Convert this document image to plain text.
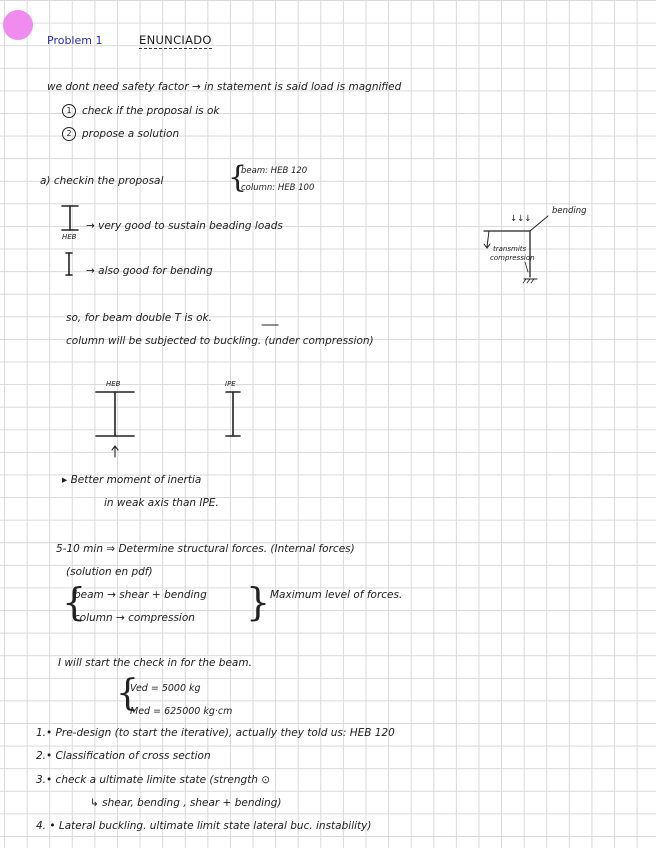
Problem 1	ENUNCIADO
we dont need safety factor → in statement is said load is magnified
1 check if the proposal is ok
2 propose a solution
a) checkin the proposal {
beam: HEB 120
column: HEB 100
HEB
→ very good to sustain beading loads
→ also good for bending
so, for beam double T is ok.
column will be subjected to buckling. (under compression)
bending
↓↓↓
transmits
compression
HEB	IPE
▸ Better moment of inertia
in weak axis than IPE.
5-10 min ⇒ Determine structural forces. (Internal forces)
(solution en pdf)
{
beam → shear + bending
column → compression } Maximum level of forces.
I will start the check in for the beam.
{
Ved = 5000 kg
Med = 625000 kg·cm
1.• Pre-design (to start the iterative), actually they told us: HEB 120
2.• Classification of cross section
3.• check a ultimate limite state (strength ⊙
↳ shear, bending , shear + bending)
4. • Lateral buckling. ultimate limit state lateral buc. instability)
